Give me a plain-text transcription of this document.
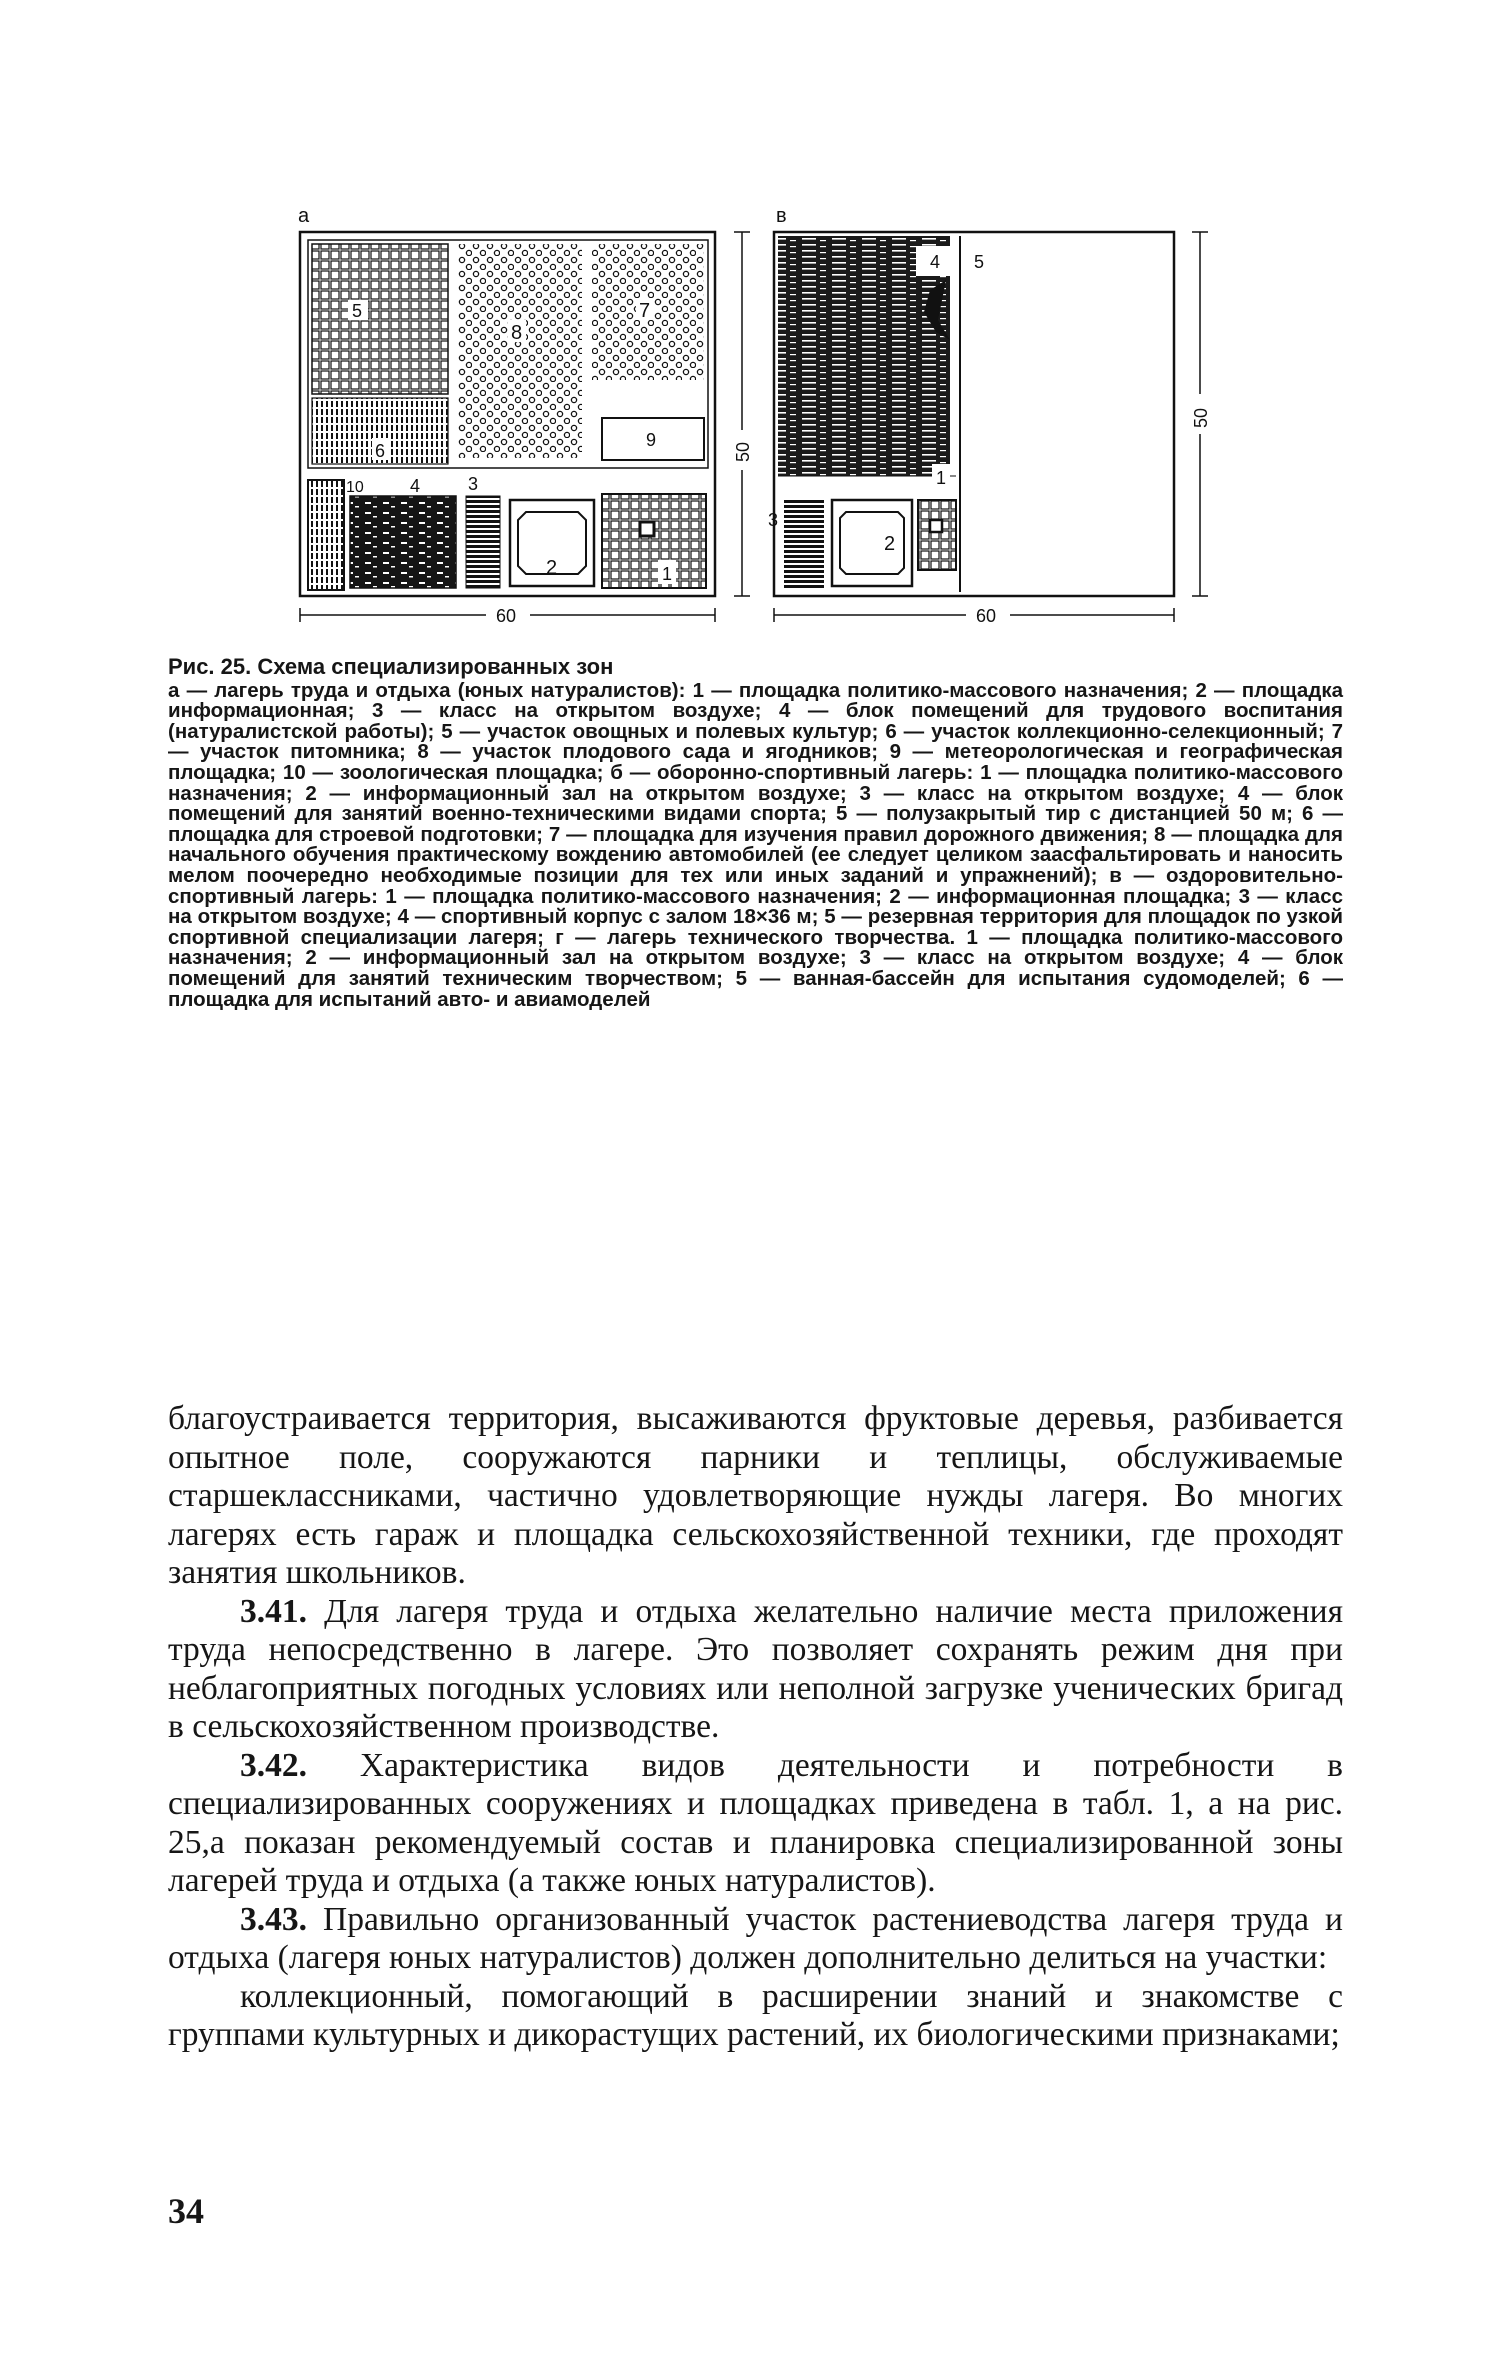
а
5
8
7
9
6
10	4	3
2	1
50
60
в
4 5
1
3
2
50
60
Рис. 25. Схема специализированных зон
а — лагерь труда и отдыха (юных натуралистов): 1 — площадка политико-массового назначения; 2 — площадка информационная; 3 — класс на открытом воздухе; 4 — блок помещений для трудового воспитания (натуралистской работы); 5 — участок овощных и полевых культур; 6 — участок коллекционно-селекционный; 7 — участок питомника; 8 — участок плодового сада и ягодников; 9 — метеорологическая и географическая площадка; 10 — зоологическая площадка; б — оборонно-спортивный лагерь: 1 — площадка политико-массового назначения; 2 — информационный зал на открытом воздухе; 3 — класс на открытом воздухе; 4 — блок помещений для занятий военно-техническими видами спорта; 5 — полузакрытый тир с дистанцией 50 м; 6 — площадка для строевой подготовки; 7 — площадка для изучения правил дорожного движения; 8 — площадка для начального обучения практическому вождению автомобилей (ее следует целиком заасфальтировать и наносить мелом поочередно необходимые позиции для тех или иных заданий и упражнений); в — оздоровительно-спортивный лагерь: 1 — площадка политико-массового назначения; 2 — информационная площадка; 3 — класс на открытом воздухе; 4 — спортивный корпус с залом 18×36 м; 5 — резервная территория для площадок по узкой спортивной специализации лагеря; г — лагерь технического творчества. 1 — площадка политико-массового назначения; 2 — информационный зал на открытом воздухе; 3 — класс на открытом воздухе; 4 — блок помещений для занятий техническим творчеством; 5 — ванная-бассейн для испытания судомоделей; 6 — площадка для испытаний авто- и авиамоделей

благоустраивается территория, высаживаются фруктовые деревья, разбивается опытное поле, сооружаются парники и теплицы, обслуживаемые старшеклассниками, частично удовлетворяющие нужды лагеря. Во многих лагерях есть гараж и площадка сельскохозяйственной техники, где проходят занятия школьников.

3.41. Для лагеря труда и отдыха желательно наличие места приложения труда непосредственно в лагере. Это позволяет сохранять режим дня при неблагоприятных погодных условиях или неполной загрузке ученических бригад в сельскохозяйственном производстве.

3.42. Характеристика видов деятельности и потребности в специализированных сооружениях и площадках приведена в табл. 1, а на рис. 25,а показан рекомендуемый состав и планировка специализированной зоны лагерей труда и отдыха (а также юных натуралистов).

3.43. Правильно организованный участок растениеводства лагеря труда и отдыха (лагеря юных натуралистов) должен дополнительно делиться на участки:

коллекционный, помогающий в расширении знаний и знакомстве с группами культурных и дикорастущих растений, их биологическими признаками;

34
